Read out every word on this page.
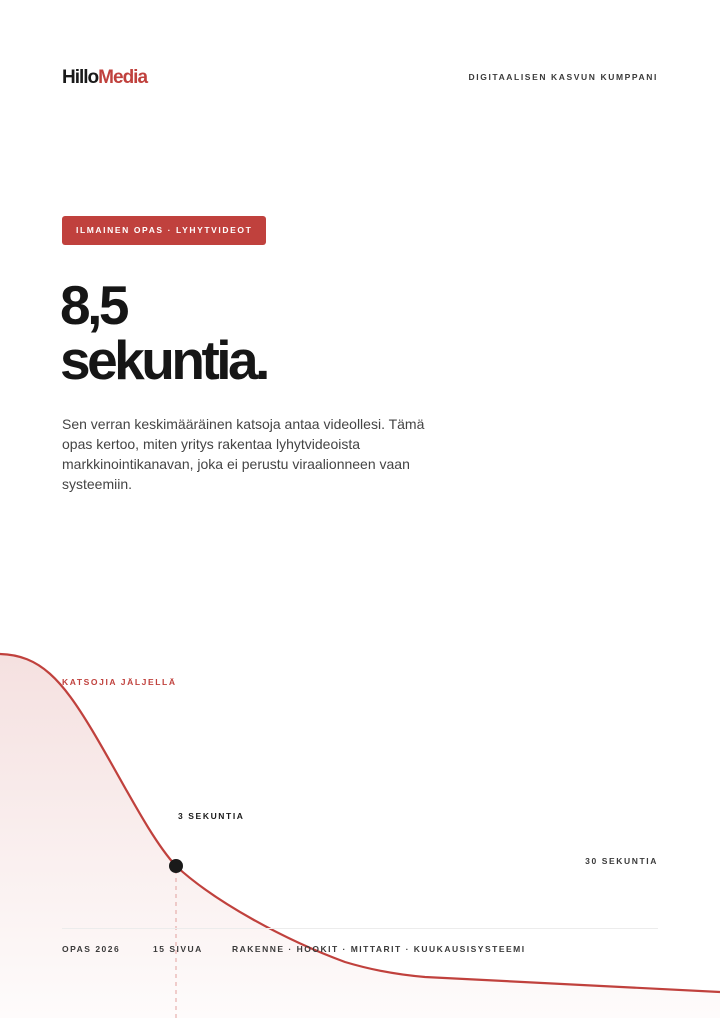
HilloMedia	DIGITAALISEN KASVUN KUMPPANI
ILMAINEN OPAS · LYHYTVIDEOT
8,5
sekuntia.

Sen verran keskimääräinen katsoja antaa videollesi. Tämä opas kertoo, miten yritys rakentaa lyhytvideoista markkinointikanavan, joka ei perustu viraalionneen vaan systeemiin.

KATSOJIA JÄLJELLÄ
3 SEKUNTIA
30 SEKUNTIA
OPAS 2026	15 SIVUA	RAKENNE · HOOKIT · MITTARIT · KUUKAUSISYSTEEMI
